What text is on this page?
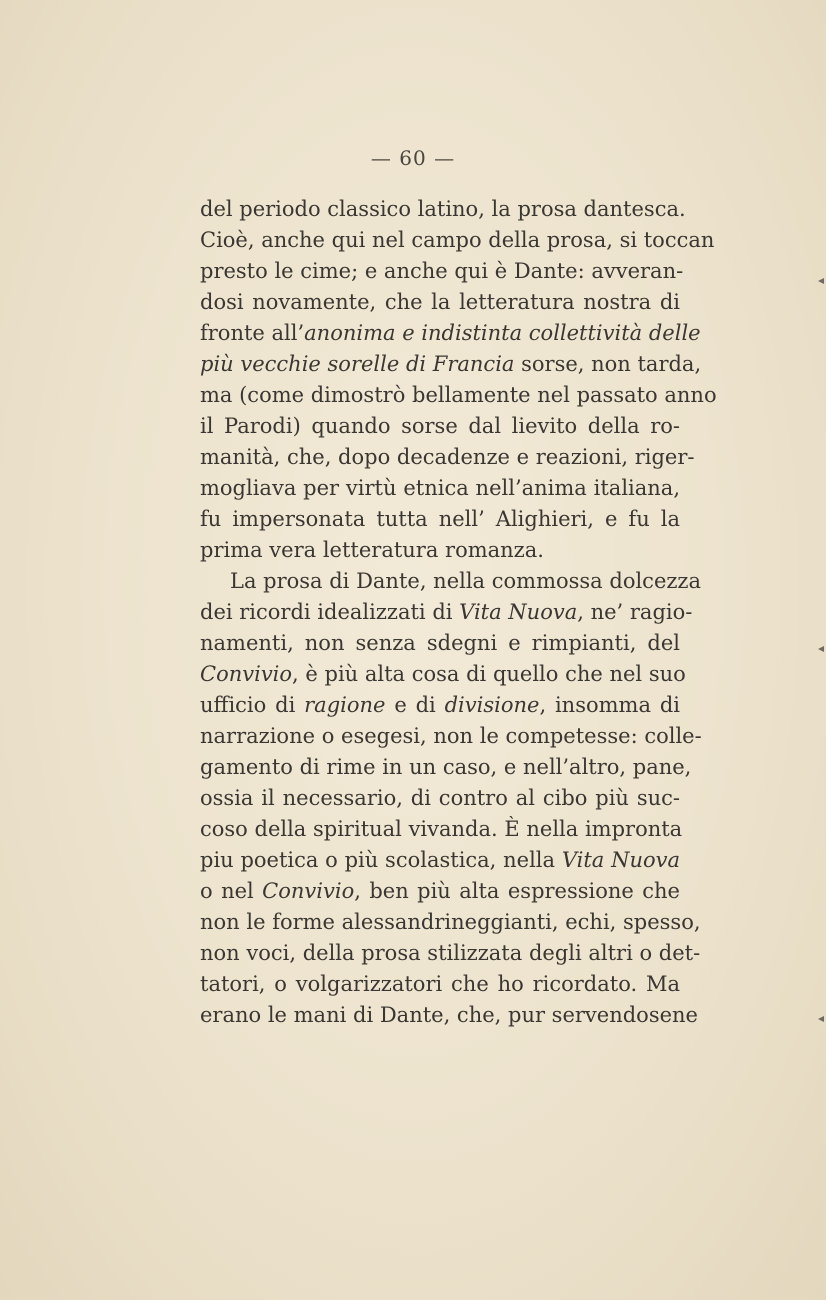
— 60 —
del periodo classico latino, la prosa dantesca.
Cioè, anche qui nel campo della prosa, si toccan
presto le cime; e anche qui è Dante: avveran-
dosi novamente, che la letteratura nostra di
fronte all’anonima e indistinta collettività delle
più vecchie sorelle di Francia sorse, non tarda,
ma (come dimostrò bellamente nel passato anno
il Parodi) quando sorse dal lievito della ro-
manità, che, dopo decadenze e reazioni, riger-
mogliava per virtù etnica nell’anima italiana,
fu impersonata tutta nell’ Alighieri, e fu la
prima vera letteratura romanza.
La prosa di Dante, nella commossa dolcezza
dei ricordi idealizzati di Vita Nuova, ne’ ragio-
namenti, non senza sdegni e rimpianti, del
Convivio, è più alta cosa di quello che nel suo
ufficio di ragione e di divisione, insomma di
narrazione o esegesi, non le competesse: colle-
gamento di rime in un caso, e nell’altro, pane,
ossia il necessario, di contro al cibo più suc-
coso della spiritual vivanda. È nella impronta
piu poetica o più scolastica, nella Vita Nuova
o nel Convivio, ben più alta espressione che
non le forme alessandrineggianti, echi, spesso,
non voci, della prosa stilizzata degli altri o det-
tatori, o volgarizzatori che ho ricordato. Ma
erano le mani di Dante, che, pur servendosene
